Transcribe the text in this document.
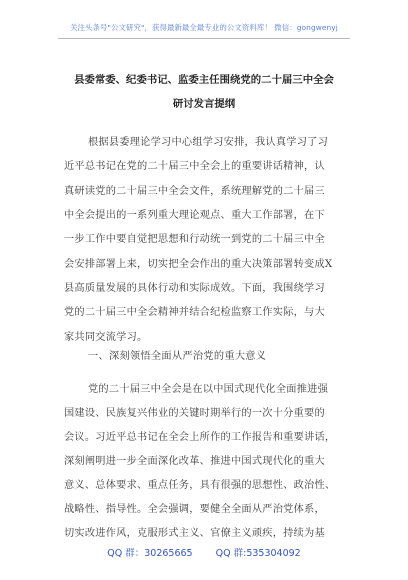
关注头条号"公文研究"，获得最新最全最专业的公文资料库！ 微信：gongwenyj
县委常委、纪委书记、监委主任围绕党的二十届三中全会
研讨发言提纲
根据县委理论学习中心组学习安排，我认真学习了习
近平总书记在党的二十届三中全会上的重要讲话精神，认
真研读党的二十届三中全会文件，系统理解党的二十届三
中全会提出的一系列重大理论观点、重大工作部署，在下
一步工作中要自觉把思想和行动统一到党的二十届三中全
会安排部署上来，切实把全会作出的重大决策部署转变成X
县高质量发展的具体行动和实际成效。下面，我围绕学习
党的二十届三中全会精神并结合纪检监察工作实际，与大
家共同交流学习。
一、深刻领悟全面从严治党的重大意义
党的二十届三中全会是在以中国式现代化全面推进强
国建设、民族复兴伟业的关键时期举行的一次十分重要的
会议。习近平总书记在全会上所作的工作报告和重要讲话，
深刻阐明进一步全面深化改革、推进中国式现代化的重大
意义、总体要求、重点任务，具有很强的思想性、政治性、
战略性、指导性。全会强调，要健全全面从严治党体系，
切实改进作风，克服形式主义、官僚主义顽疾，持续为基
QQ 群：30265665 QQ 群:535304092
